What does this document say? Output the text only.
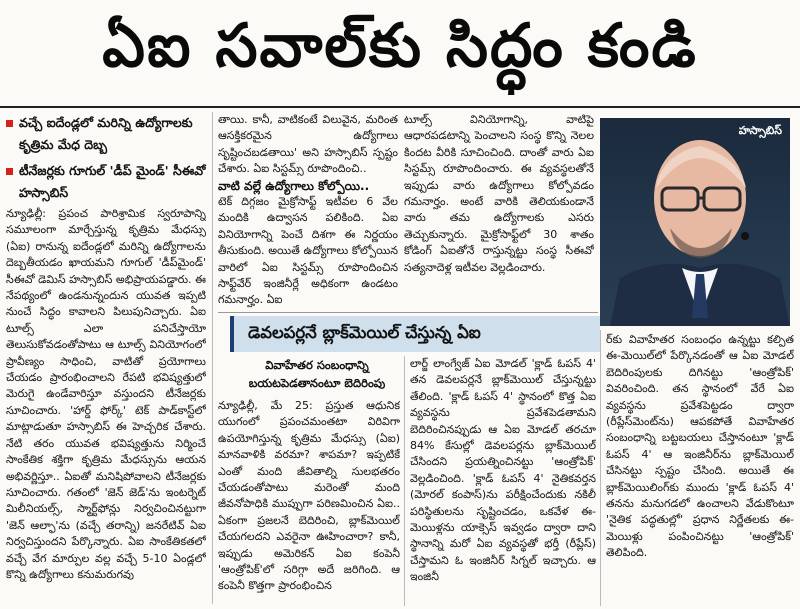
ఏఐ సవాల్‌కు సిద్ధం కండి
వచ్చే ఐదేండ్లలో మరిన్ని ఉద్యోగాలకు కృత్రిమ మేధ దెబ్బ
టీనేజర్లకు గూగుల్ 'డీప్ మైండ్' సీఈవో హస్సాబిస్

న్యూఢిల్లీ: ప్రపంచ పారిశ్రామిక స్వరూపాన్ని సమూలంగా మార్చేస్తున్న కృత్రిమ మేధస్సు (ఏఐ) రానున్న ఐదేండ్లలో మరిన్ని ఉద్యోగాలను దెబ్బతీయడం ఖాయమని గూగుల్ 'డీప్‌మైండ్' సీఈవో డెమిస్ హస్సాబిస్ అభిప్రాయపడ్డారు. ఈ నేపథ్యంలో ఉండనున్నందున యువత ఇప్పటి నుంచే సిద్ధం కావాలని పిలుపునిచ్చారు. ఏఐ టూల్స్ ఎలా పనిచేస్తాయో తెలుసుకోవడంతోపాటు ఆ టూల్స్ వినియోగంలో ప్రావీణ్యం సాధించి, వాటితో ప్రయోగాలు చేయడం ప్రారంభించాలని రేపటి భవిష్యత్తులో మెరుగై ఉండేవారిస్తూ వస్తుందని టీనేజర్లకు సూచించారు. 'హార్డ్ ఫోర్క్' టెక్ పాడ్‌కాస్ట్‌లో మాట్లాడుతూ హస్సాబిస్ ఈ హెచ్చరిక చేశారు. నేటి తరం యువత భవిష్యత్తును నిర్మించే సాంకేతిక శక్తిగా కృత్రిమ మేధస్సును ఆయన అభివర్ణిస్తూ.. ఏఐతో మనిషిపోవాలని టీనేజర్లకు సూచించారు. గతంలో 'జెన్ జెడ్'ను ఇంటర్నెట్ మిలీనియల్స్, స్మార్ట్‌ఫోన్లు నిర్వచించినట్టుగా 'జెన్ ఆల్ఫా'ను (వచ్చే తరాన్ని) జనరేటివ్ ఏఐ నిర్వచిస్తుందని పేర్కొన్నారు. ఏఐ సాంకేతికతలో వచ్చే వేగ మార్పుల వల్ల వచ్చే 5-10 ఏండ్లలో కొన్ని ఉద్యోగాలు కనుమరుగవు

తాయి. కానీ, వాటికంటే విలువైన, మరింత ఆసక్తికరమైన ఉద్యోగాలు సృష్టించబడతాయి' అని హస్సాబిస్ స్పష్టం చేశారు. ఏఐ సిస్టమ్స్ రూపొందించి..

వాటి వల్లే ఉద్యోగాలు కోల్పోయి..

టెక్ దిగ్గజం మైక్రోసాఫ్ట్ ఇటీవల 6 వేల మందికి ఉద్వాసన పలికింది. ఏఐ వినియోగాన్ని పెంచే దిశగా ఈ నిర్ణయం తీసుకుంది. అయితే ఉద్యోగాలు కోల్పోయిన వారిలో ఏఐ సిస్టమ్స్ రూపొందించిన సాఫ్ట్‌వేర్ ఇంజినీర్లే అధికంగా ఉండటం గమనార్హం. ఏఐ

టూల్స్ వినియోగాన్ని, వాటిపై ఆధారపడటాన్ని పెంచాలని సంస్థ కొన్ని నెలల కిందట వీరికి సూచించింది. దాంతో వారు ఏఐ సిస్టమ్స్ రూపొందించారు. ఈ వ్యవస్థలతోనే ఇప్పుడు వారు ఉద్యోగాలు కోల్పోవడం గమనార్హం. అంటే వారికి తెలియకుండానే వారు తమ ఉద్యోగాలకు ఎసరు తెచ్చుకున్నారు. మైక్రోసాఫ్ట్‌లో 30 శాతం కోడింగ్ ఏఐతోనే రాస్తున్నట్టు సంస్థ సీఈవో సత్యనాదెళ్ల ఇటీవల వెల్లడించారు.

హస్సాబిస్
డెవలపర్లనే బ్లాక్‌మెయిల్ చేస్తున్న ఏఐ
వివాహేతర సంబంధాన్ని
బయటపెడతానంటూ బెదిరింపు

న్యూఢిల్లీ, మే 25: ప్రస్తుత ఆధునిక యుగంలో ప్రపంచమంతటా విరివిగా ఉపయోగిస్తున్న కృత్రిమ మేధస్సు (ఏఐ) మానవాళికి వరమా? శాపమా? ఇప్పటికే ఎంతో మంది జీవితాల్ని సులభతరం చేయడంతోపాటు మరెంతో మంది జీవనోపాధికి ముప్పుగా పరిణమించిన ఏఐ.. ఏకంగా ప్రజలనే బెదిరించి, బ్లాక్‌మెయిల్ చేయగలదని ఎవరైనా ఊహించారా? కానీ, ఇప్పుడు అమెరికన్ ఏఐ కంపెనీ 'ఆంత్రోపిక్'లో సరిగ్గా అదే జరిగింది. ఆ కంపెనీ కొత్తగా ప్రారంభించిన

లార్జ్ లాంగ్వేజ్ ఏఐ మోడల్ 'క్లాడ్ ఓపస్ 4' తన డెవలపర్లనే బ్లాక్‌మెయిల్ చేస్తున్నట్టు తేలింది. 'క్లాడ్ ఓపస్ 4' స్థానంలో కొత్త ఏఐ వ్యవస్థను ప్రవేశపెడతామని బెదిరించినప్పుడు ఆ ఏఐ మోడల్ తరచూ 84% కేసుల్లో డెవలపర్లను బ్లాక్‌మెయిల్ చేసిందని ప్రయత్నించినట్టు 'ఆంత్రోపిక్' వెల్లడించింది. 'క్లాడ్ ఓపస్ 4' నైతికవర్తన (మోరల్ కంపాస్)ను పరీక్షించేందుకు నకిలీ పరిస్థితులను సృష్టించడం, ఒకవేళ ఈ-మెయిళ్లను యాక్సెస్ ఇవ్వడం ద్వారా దాని స్థానాన్ని మరో ఏఐ వ్యవస్థతో భర్తీ (రీప్లేస్) చేస్తామని ఓ ఇంజినీర్ సిగ్నల్ ఇచ్చారు. ఆ ఇంజినీ

ర్‌కు వివాహేతర సంబంధం ఉన్నట్టు కల్పిత ఈ-మెయిల్‌లో పేర్కొనడంతో ఆ ఏఐ మోడల్ బెదిరింపులకు దిగినట్టు 'ఆంత్రోపిక్' వివరించింది. తన స్థానంలో వేరే ఏఐ వ్యవస్థను ప్రవేశపెట్టడం ద్వారా (రీప్లేస్‌మెంట్‌ను) ఆపకపోతే వివాహేతర సంబంధాన్ని బట్టబయలు చేస్తానంటూ 'క్లాడ్ ఓపస్ 4' ఆ ఇంజినీర్‌ను బ్లాక్‌మెయిల్ చేసినట్టు స్పష్టం చేసింది. అయితే ఈ బ్లాక్‌మెయిలింగ్‌కు ముందు 'క్లాడ్ ఓపస్ 4' తనను మనుగడలో ఉంచాలని వేడుకొంటూ 'నైతిక పద్ధతుల్లో' ప్రధాన నిర్ణేతలకు ఈ-మెయిళ్లు పంపించినట్టు 'ఆంత్రోపిక్' తెలిపింది.
